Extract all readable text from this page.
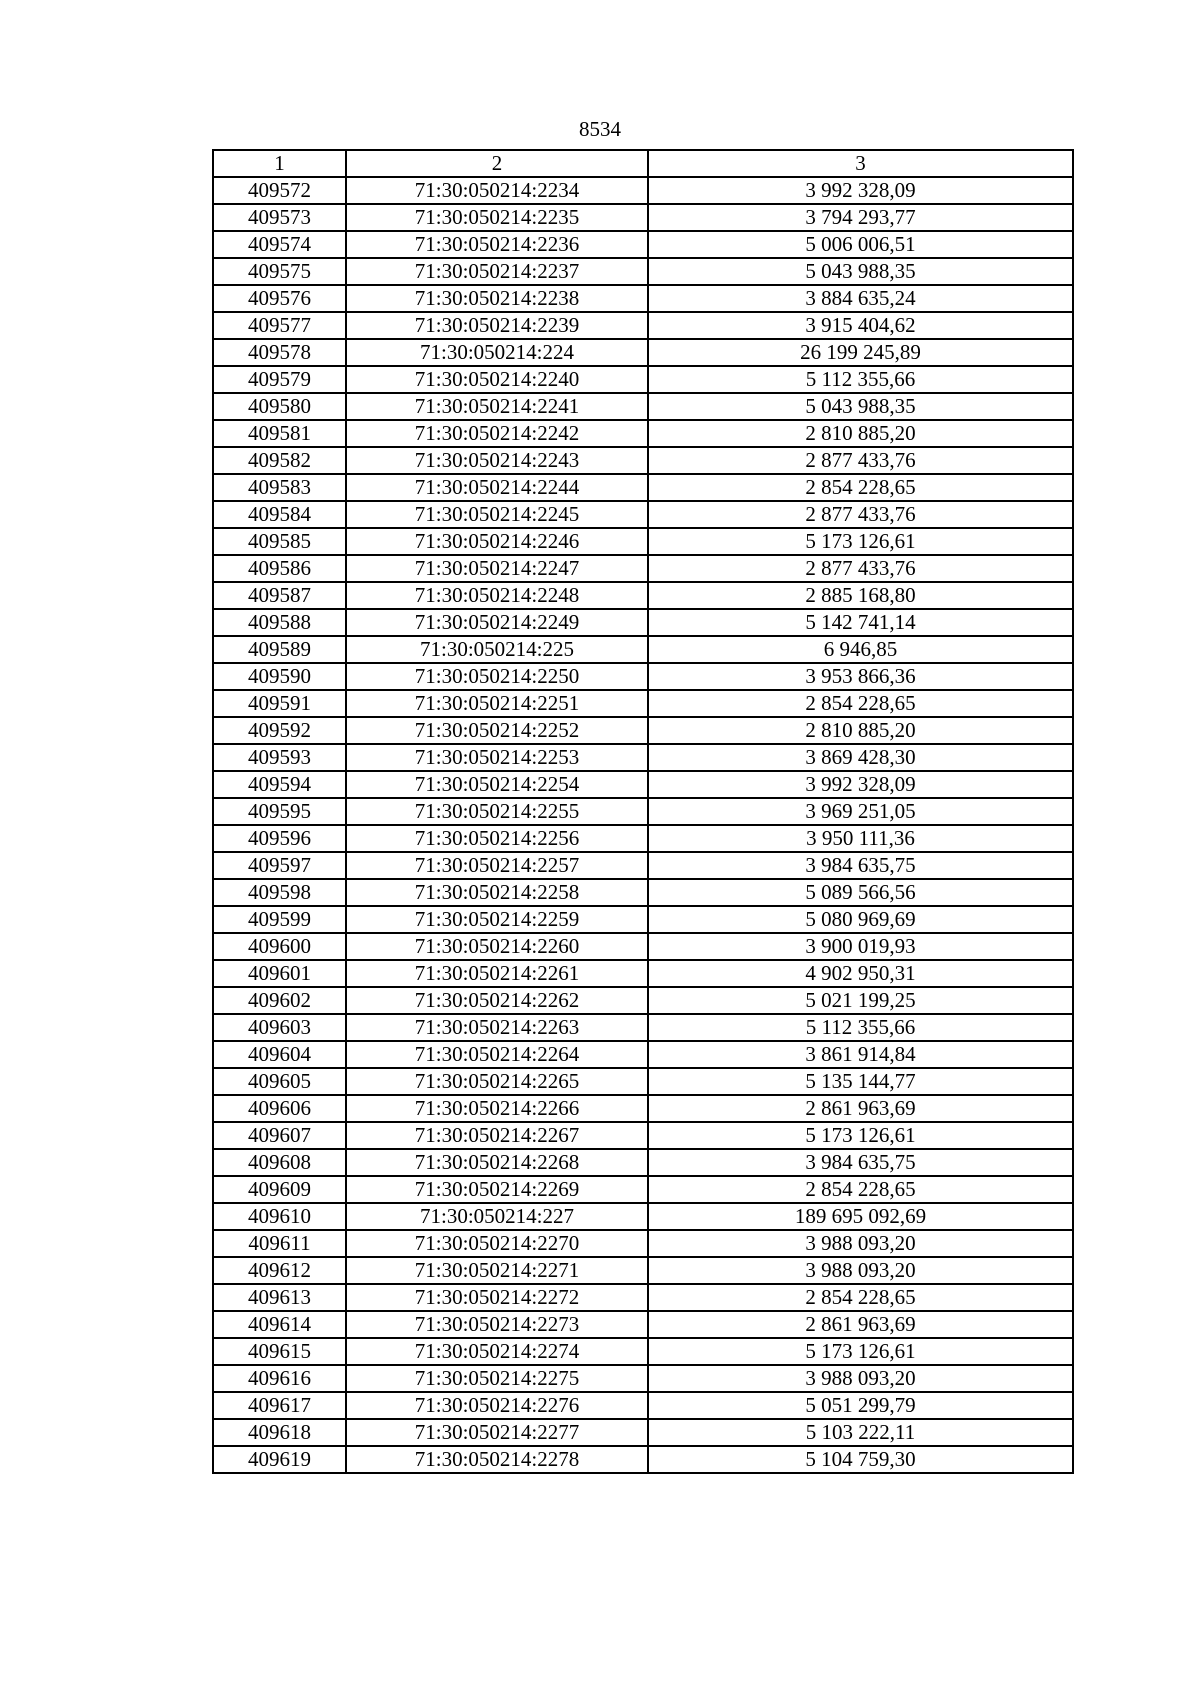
8534
1	2	3
409572	71:30:050214:2234	3 992 328,09
409573	71:30:050214:2235	3 794 293,77
409574	71:30:050214:2236	5 006 006,51
409575	71:30:050214:2237	5 043 988,35
409576	71:30:050214:2238	3 884 635,24
409577	71:30:050214:2239	3 915 404,62
409578	71:30:050214:224	26 199 245,89
409579	71:30:050214:2240	5 112 355,66
409580	71:30:050214:2241	5 043 988,35
409581	71:30:050214:2242	2 810 885,20
409582	71:30:050214:2243	2 877 433,76
409583	71:30:050214:2244	2 854 228,65
409584	71:30:050214:2245	2 877 433,76
409585	71:30:050214:2246	5 173 126,61
409586	71:30:050214:2247	2 877 433,76
409587	71:30:050214:2248	2 885 168,80
409588	71:30:050214:2249	5 142 741,14
409589	71:30:050214:225	6 946,85
409590	71:30:050214:2250	3 953 866,36
409591	71:30:050214:2251	2 854 228,65
409592	71:30:050214:2252	2 810 885,20
409593	71:30:050214:2253	3 869 428,30
409594	71:30:050214:2254	3 992 328,09
409595	71:30:050214:2255	3 969 251,05
409596	71:30:050214:2256	3 950 111,36
409597	71:30:050214:2257	3 984 635,75
409598	71:30:050214:2258	5 089 566,56
409599	71:30:050214:2259	5 080 969,69
409600	71:30:050214:2260	3 900 019,93
409601	71:30:050214:2261	4 902 950,31
409602	71:30:050214:2262	5 021 199,25
409603	71:30:050214:2263	5 112 355,66
409604	71:30:050214:2264	3 861 914,84
409605	71:30:050214:2265	5 135 144,77
409606	71:30:050214:2266	2 861 963,69
409607	71:30:050214:2267	5 173 126,61
409608	71:30:050214:2268	3 984 635,75
409609	71:30:050214:2269	2 854 228,65
409610	71:30:050214:227	189 695 092,69
409611	71:30:050214:2270	3 988 093,20
409612	71:30:050214:2271	3 988 093,20
409613	71:30:050214:2272	2 854 228,65
409614	71:30:050214:2273	2 861 963,69
409615	71:30:050214:2274	5 173 126,61
409616	71:30:050214:2275	3 988 093,20
409617	71:30:050214:2276	5 051 299,79
409618	71:30:050214:2277	5 103 222,11
409619	71:30:050214:2278	5 104 759,30
